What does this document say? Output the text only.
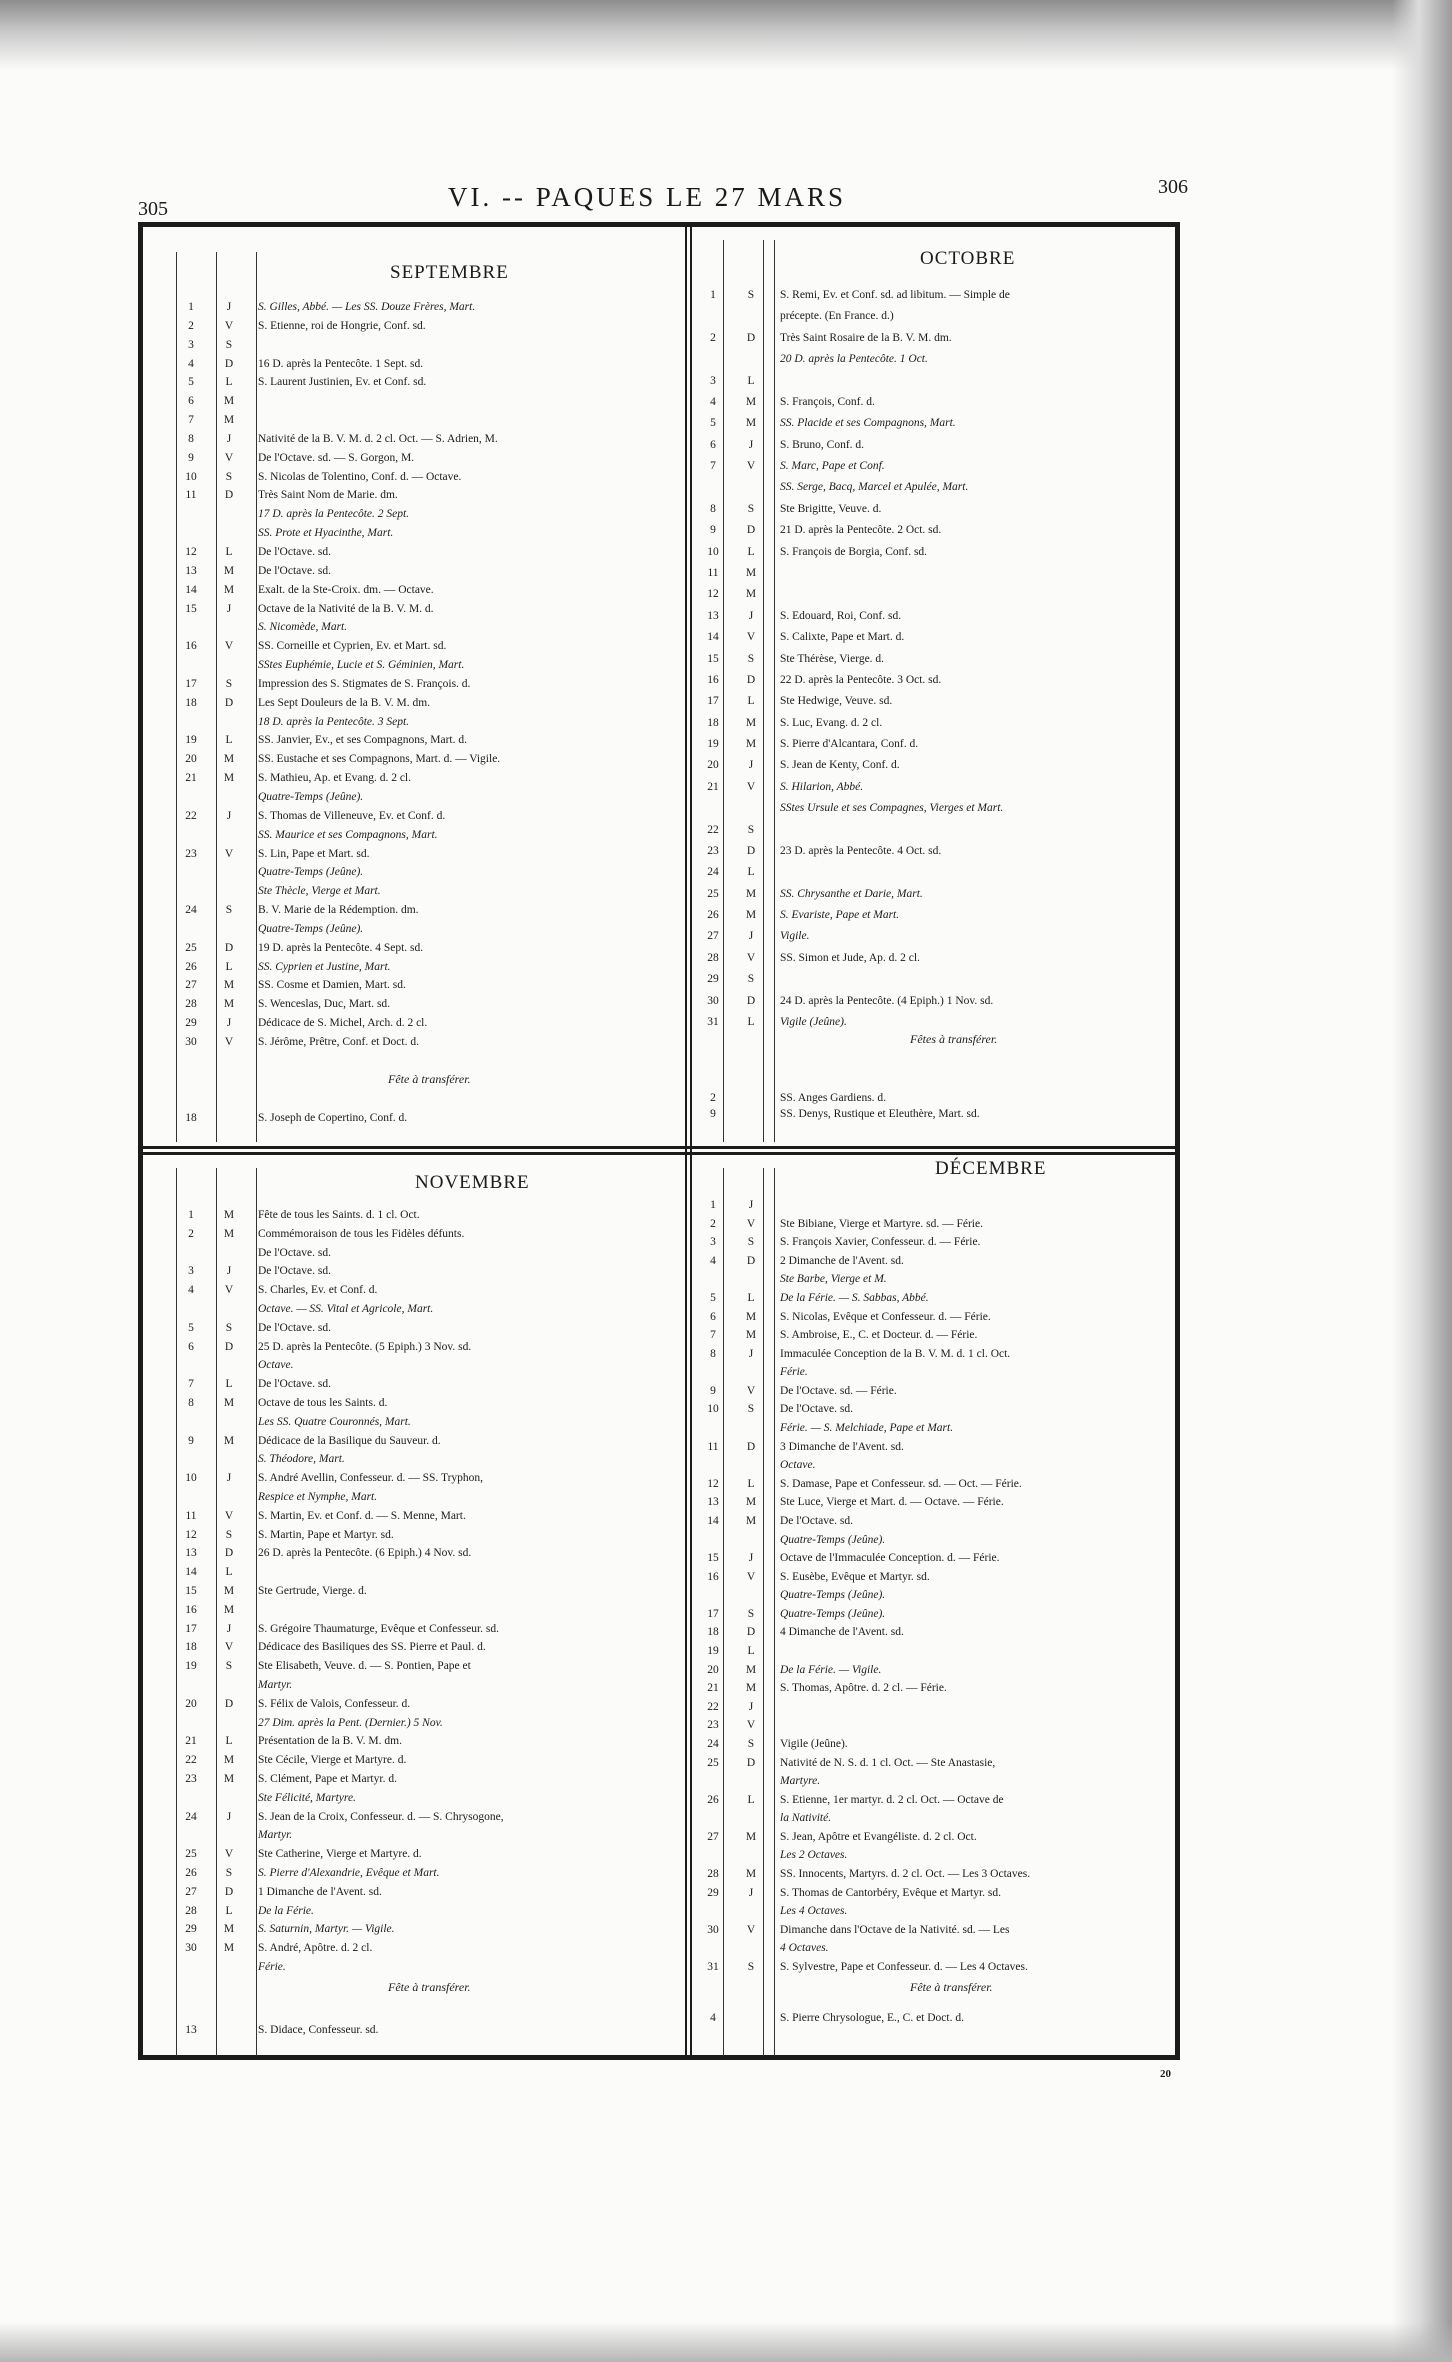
305
306
VI. -- PAQUES LE 27 MARS
SEPTEMBRE
1	J	S. Gilles, Abbé. — Les SS. Douze Frères, Mart.
2	V	S. Etienne, roi de Hongrie, Conf. sd.
3	S
4	D	16 D. après la Pentecôte. 1 Sept. sd.
5	L	S. Laurent Justinien, Ev. et Conf. sd.
6	M
7	M
8	J	Nativité de la B. V. M. d. 2 cl. Oct. — S. Adrien, M.
9	V	De l'Octave. sd. — S. Gorgon, M.
10	S	S. Nicolas de Tolentino, Conf. d. — Octave.
11	D	Très Saint Nom de Marie. dm.
17 D. après la Pentecôte. 2 Sept.
SS. Prote et Hyacinthe, Mart.
12	L	De l'Octave. sd.
13	M	De l'Octave. sd.
14	M	Exalt. de la Ste-Croix. dm. — Octave.
15	J	Octave de la Nativité de la B. V. M. d.
S. Nicomède, Mart.
16	V	SS. Corneille et Cyprien, Ev. et Mart. sd.
SStes Euphémie, Lucie et S. Géminien, Mart.
17	S	Impression des S. Stigmates de S. François. d.
18	D	Les Sept Douleurs de la B. V. M. dm.
18 D. après la Pentecôte. 3 Sept.
19	L	SS. Janvier, Ev., et ses Compagnons, Mart. d.
20	M	SS. Eustache et ses Compagnons, Mart. d. — Vigile.
21	M	S. Mathieu, Ap. et Evang. d. 2 cl.
Quatre-Temps (Jeûne).
22	J	S. Thomas de Villeneuve, Ev. et Conf. d.
SS. Maurice et ses Compagnons, Mart.
23	V	S. Lin, Pape et Mart. sd.
Quatre-Temps (Jeûne).
Ste Thècle, Vierge et Mart.
24	S	B. V. Marie de la Rédemption. dm.
Quatre-Temps (Jeûne).
25	D	19 D. après la Pentecôte. 4 Sept. sd.
26	L	SS. Cyprien et Justine, Mart.
27	M	SS. Cosme et Damien, Mart. sd.
28	M	S. Wenceslas, Duc, Mart. sd.
29	J	Dédicace de S. Michel, Arch. d. 2 cl.
30	V	S. Jérôme, Prêtre, Conf. et Doct. d.
Fête à transférer.
18	S. Joseph de Copertino, Conf. d.
OCTOBRE
1	S	S. Remi, Ev. et Conf. sd. ad libitum. — Simple de
précepte. (En France. d.)
2	D	Très Saint Rosaire de la B. V. M. dm.
20 D. après la Pentecôte. 1 Oct.
3	L
4	M	S. François, Conf. d.
5	M	SS. Placide et ses Compagnons, Mart.
6	J	S. Bruno, Conf. d.
7	V	S. Marc, Pape et Conf.
SS. Serge, Bacq, Marcel et Apulée, Mart.
8	S	Ste Brigitte, Veuve. d.
9	D	21 D. après la Pentecôte. 2 Oct. sd.
10	L	S. François de Borgia, Conf. sd.
11	M
12	M
13	J	S. Edouard, Roi, Conf. sd.
14	V	S. Calixte, Pape et Mart. d.
15	S	Ste Thérèse, Vierge. d.
16	D	22 D. après la Pentecôte. 3 Oct. sd.
17	L	Ste Hedwige, Veuve. sd.
18	M	S. Luc, Evang. d. 2 cl.
19	M	S. Pierre d'Alcantara, Conf. d.
20	J	S. Jean de Kenty, Conf. d.
21	V	S. Hilarion, Abbé.
SStes Ursule et ses Compagnes, Vierges et Mart.
22	S
23	D	23 D. après la Pentecôte. 4 Oct. sd.
24	L
25	M	SS. Chrysanthe et Darie, Mart.
26	M	S. Evariste, Pape et Mart.
27	J	Vigile.
28	V	SS. Simon et Jude, Ap. d. 2 cl.
29	S
30	D	24 D. après la Pentecôte. (4 Epiph.) 1 Nov. sd.
31	L	Vigile (Jeûne).
Fêtes à transférer.
2	SS. Anges Gardiens. d.
9	SS. Denys, Rustique et Eleuthère, Mart. sd.
NOVEMBRE
1	M	Fête de tous les Saints. d. 1 cl. Oct.
2	M	Commémoraison de tous les Fidèles défunts.
De l'Octave. sd.
3	J	De l'Octave. sd.
4	V	S. Charles, Ev. et Conf. d.
Octave. — SS. Vital et Agricole, Mart.
5	S	De l'Octave. sd.
6	D	25 D. après la Pentecôte. (5 Epiph.) 3 Nov. sd.
Octave.
7	L	De l'Octave. sd.
8	M	Octave de tous les Saints. d.
Les SS. Quatre Couronnés, Mart.
9	M	Dédicace de la Basilique du Sauveur. d.
S. Théodore, Mart.
10	J	S. André Avellin, Confesseur. d. — SS. Tryphon,
Respice et Nymphe, Mart.
11	V	S. Martin, Ev. et Conf. d. — S. Menne, Mart.
12	S	S. Martin, Pape et Martyr. sd.
13	D	26 D. après la Pentecôte. (6 Epiph.) 4 Nov. sd.
14	L
15	M	Ste Gertrude, Vierge. d.
16	M
17	J	S. Grégoire Thaumaturge, Evêque et Confesseur. sd.
18	V	Dédicace des Basiliques des SS. Pierre et Paul. d.
19	S	Ste Elisabeth, Veuve. d. — S. Pontien, Pape et
Martyr.
20	D	S. Félix de Valois, Confesseur. d.
27 Dim. après la Pent. (Dernier.) 5 Nov.
21	L	Présentation de la B. V. M. dm.
22	M	Ste Cécile, Vierge et Martyre. d.
23	M	S. Clément, Pape et Martyr. d.
Ste Félicité, Martyre.
24	J	S. Jean de la Croix, Confesseur. d. — S. Chrysogone,
Martyr.
25	V	Ste Catherine, Vierge et Martyre. d.
26	S	S. Pierre d'Alexandrie, Evêque et Mart.
27	D	1 Dimanche de l'Avent. sd.
28	L	De la Férie.
29	M	S. Saturnin, Martyr. — Vigile.
30	M	S. André, Apôtre. d. 2 cl.
Férie.
Fête à transférer.
13	S. Didace, Confesseur. sd.
DÉCEMBRE
1	J
2	V	Ste Bibiane, Vierge et Martyre. sd. — Férie.
3	S	S. François Xavier, Confesseur. d. — Férie.
4	D	2 Dimanche de l'Avent. sd.
Ste Barbe, Vierge et M.
5	L	De la Férie. — S. Sabbas, Abbé.
6	M	S. Nicolas, Evêque et Confesseur. d. — Férie.
7	M	S. Ambroise, E., C. et Docteur. d. — Férie.
8	J	Immaculée Conception de la B. V. M. d. 1 cl. Oct.
Férie.
9	V	De l'Octave. sd. — Férie.
10	S	De l'Octave. sd.
Férie. — S. Melchiade, Pape et Mart.
11	D	3 Dimanche de l'Avent. sd.
Octave.
12	L	S. Damase, Pape et Confesseur. sd. — Oct. — Férie.
13	M	Ste Luce, Vierge et Mart. d. — Octave. — Férie.
14	M	De l'Octave. sd.
Quatre-Temps (Jeûne).
15	J	Octave de l'Immaculée Conception. d. — Férie.
16	V	S. Eusèbe, Evêque et Martyr. sd.
Quatre-Temps (Jeûne).
17	S	Quatre-Temps (Jeûne).
18	D	4 Dimanche de l'Avent. sd.
19	L
20	M	De la Férie. — Vigile.
21	M	S. Thomas, Apôtre. d. 2 cl. — Férie.
22	J
23	V
24	S	Vigile (Jeûne).
25	D	Nativité de N. S. d. 1 cl. Oct. — Ste Anastasie,
Martyre.
26	L	S. Etienne, 1er martyr. d. 2 cl. Oct. — Octave de
la Nativité.
27	M	S. Jean, Apôtre et Evangéliste. d. 2 cl. Oct.
Les 2 Octaves.
28	M	SS. Innocents, Martyrs. d. 2 cl. Oct. — Les 3 Octaves.
29	J	S. Thomas de Cantorbéry, Evêque et Martyr. sd.
Les 4 Octaves.
30	V	Dimanche dans l'Octave de la Nativité. sd. — Les
4 Octaves.
31	S	S. Sylvestre, Pape et Confesseur. d. — Les 4 Octaves.
Fête à transférer.
4	S. Pierre Chrysologue, E., C. et Doct. d.
20
